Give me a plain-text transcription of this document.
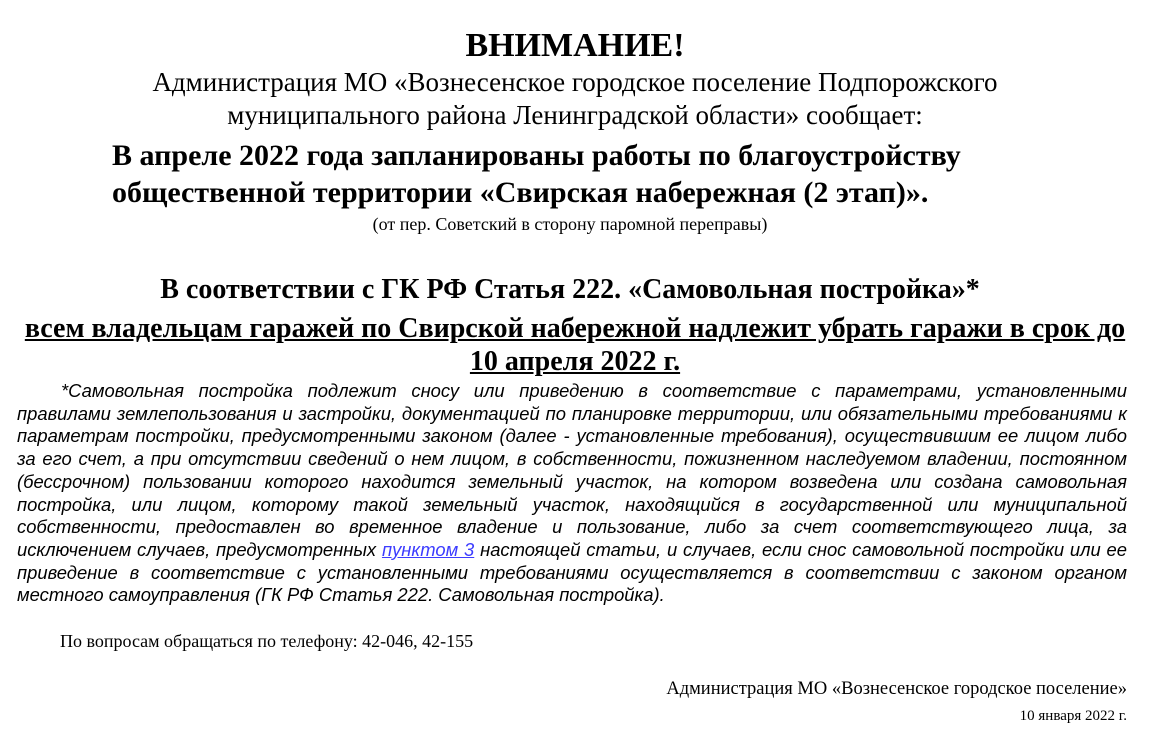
ВНИМАНИЕ!
Администрация МО «Вознесенское городское поселение Подпорожского муниципального района Ленинградской области» сообщает:
В апреле 2022 года запланированы работы по благоустройству
общественной территории «Свирская набережная (2 этап)».
(от пер. Советский в сторону паромной переправы)
В соответствии с ГК РФ Статья 222. «Самовольная постройка»*
всем владельцам гаражей по Свирской набережной надлежит убрать гаражи в срок до 10 апреля 2022 г.
*Самовольная постройка подлежит сносу или приведению в соответствие с параметрами, установленными правилами землепользования и застройки, документацией по планировке территории, или обязательными требованиями к параметрам постройки, предусмотренными законом (далее - установленные требования), осуществившим ее лицом либо за его счет, а при отсутствии сведений о нем лицом, в собственности, пожизненном наследуемом владении, постоянном (бессрочном) пользовании которого находится земельный участок, на котором возведена или создана самовольная постройка, или лицом, которому такой земельный участок, находящийся в государственной или муниципальной собственности, предоставлен во временное владение и пользование, либо за счет соответствующего лица, за исключением случаев, предусмотренных пунктом 3 настоящей статьи, и случаев, если снос самовольной постройки или ее приведение в соответствие с установленными требованиями осуществляется в соответствии с законом органом местного самоуправления (ГК РФ Статья 222. Самовольная постройка).
По вопросам обращаться по телефону: 42-046, 42-155
Администрация МО «Вознесенское городское поселение»
10 января 2022 г.
